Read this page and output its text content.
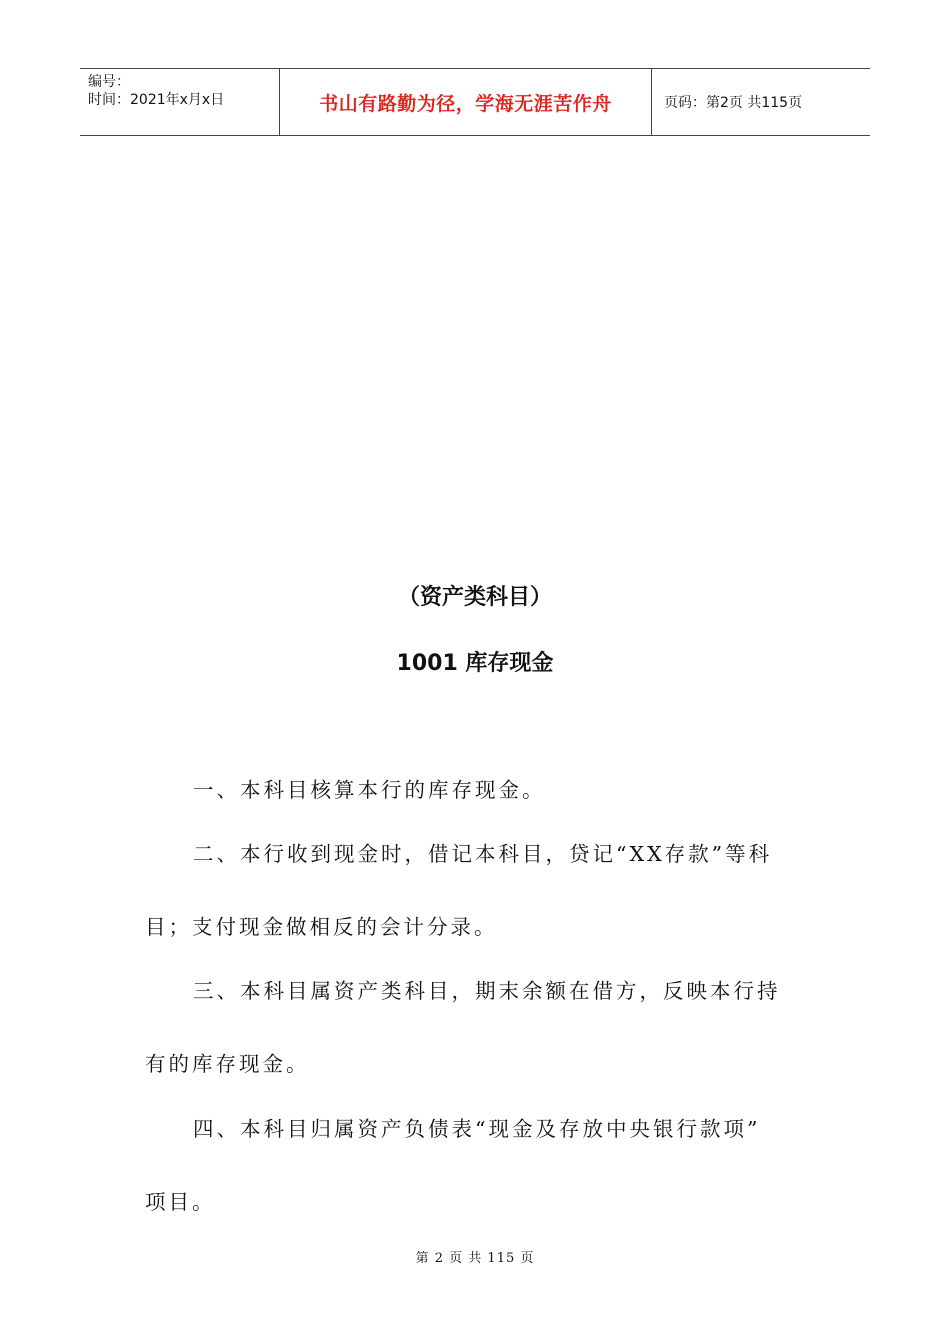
编号：
时间：2021年x月x日	书山有路勤为径，学海无涯苦作舟	页码：第2页 共115页
（资产类科目）
1001 库存现金
一、本科目核算本行的库存现金。
二、本行收到现金时，借记本科目，贷记“XX存款”等科
目；支付现金做相反的会计分录。
三、本科目属资产类科目，期末余额在借方，反映本行持
有的库存现金。
四、本科目归属资产负债表“现金及存放中央银行款项”
项目。
第 2 页 共 115 页
